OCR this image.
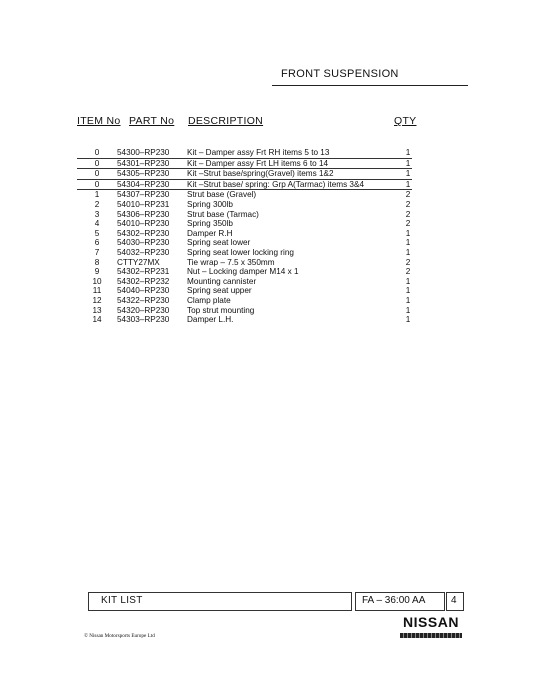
FRONT SUSPENSION
ITEM No PART No DESCRIPTION	QTY
0	54300–RP230	Kit – Damper assy Frt RH items 5 to 13	1
0	54301–RP230	Kit – Damper assy Frt LH items 6 to 14	1
0	54305–RP230	Kit –Strut base/spring(Gravel) items 1&2	1
0	54304–RP230	Kit –Strut base/ spring: Grp A(Tarmac) items 3&4	1
1	54307–RP230	Strut base (Gravel)	2
2	54010–RP231	Spring 300lb	2
3	54306–RP230	Strut base (Tarmac)	2
4	54010–RP230	Spring 350lb	2
5	54302–RP230	Damper R.H	1
6	54030–RP230	Spring seat lower	1
7	54032–RP230	Spring seat lower locking ring	1
8	CTTY27MX	Tie wrap – 7.5 x 350mm	2
9	54302–RP231	Nut – Locking damper M14 x 1	2
10	54302–RP232	Mounting cannister	1
11	54040–RP230	Spring seat upper	1
12	54322–RP230	Clamp plate	1
13	54320–RP230	Top strut mounting	1
14	54303–RP230	Damper L.H.	1
KIT LIST	FA – 36:00 AA	4
© Nissan Motorsports Europe Ltd
NISSAN
